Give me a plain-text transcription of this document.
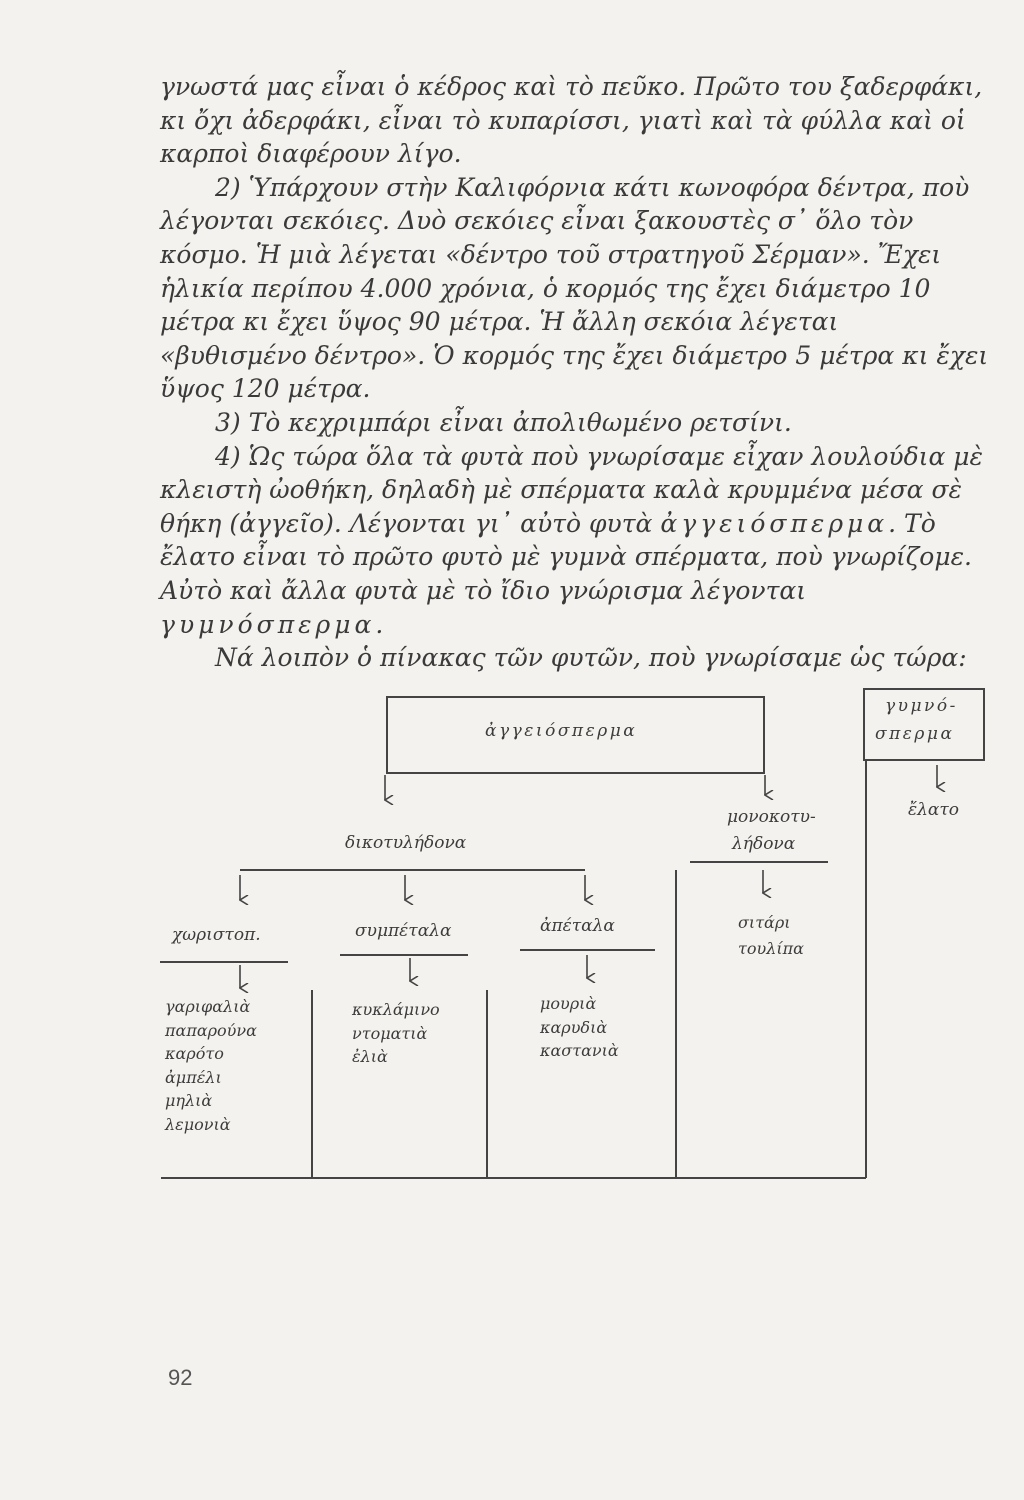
γνωστά μας εἶναι ὁ κέδρος καὶ τὸ πεῦκο. Πρῶτο του ξαδερφάκι, κι ὄχι ἀδερφάκι, εἶναι τὸ κυπαρίσσι, γιατὶ καὶ τὰ φύλλα καὶ οἱ καρποὶ διαφέρουν λίγο.

2) Ὑπάρχουν στὴν Καλιφόρνια κάτι κωνοφόρα δέντρα, ποὺ λέγονται σεκόιες. Δυὸ σεκόιες εἶναι ξακουστὲς σ᾽ ὅλο τὸν κόσμο. Ἡ μιὰ λέγεται «δέντρο τοῦ στρατηγοῦ Σέρμαν». Ἔχει ἡλικία περίπου 4.000 χρόνια, ὁ κορμός της ἔχει διάμετρο 10 μέτρα κι ἔχει ὕψος 90 μέτρα. Ἡ ἄλλη σεκόια λέγεται «βυθισμένο δέντρο». Ὁ κορμός της ἔχει διάμετρο 5 μέτρα κι ἔχει ὕψος 120 μέτρα.

3) Τὸ κεχριμπάρι εἶναι ἀπολιθωμένο ρετσίνι.

4) Ὡς τώρα ὅλα τὰ φυτὰ ποὺ γνωρίσαμε εἶχαν λουλούδια μὲ κλειστὴ ὠοθήκη, δηλαδὴ μὲ σπέρματα καλὰ κρυμμένα μέσα σὲ θήκη (ἀγγεῖο). Λέγονται γι᾽ αὐτὸ φυτὰ ἀγγειόσπερμα. Τὸ ἔλατο εἶναι τὸ πρῶτο φυτὸ μὲ γυμνὰ σπέρματα, ποὺ γνωρίζομε. Αὐτὸ καὶ ἄλλα φυτὰ μὲ τὸ ἴδιο γνώρισμα λέγονται γυμνόσπερμα.

Νά λοιπὸν ὁ πίνακας τῶν φυτῶν, ποὺ γνωρίσαμε ὡς τώρα:

ἀγγειόσπερμα
γυμνό-
σπερμα
ἔλατο
δικοτυλήδονα
μονοκοτυ-
λήδονα
χωριστοπ.	συμπέταλα	ἀπέταλα
γαριφαλιὰ
παπαρούνα
καρότο
ἀμπέλι
μηλιὰ
λεμονιὰ
κυκλάμινο
ντοματιὰ
ἐλιὰ
μουριὰ
καρυδιὰ
καστανιὰ
σιτάρι
τουλίπα
92
